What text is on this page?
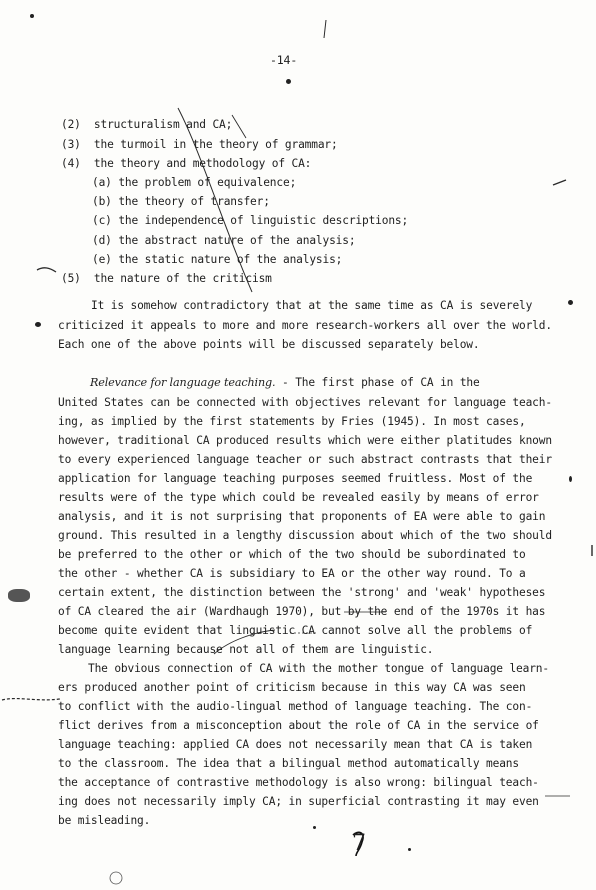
-14-
(2)  structuralism and CA;
(3)  the turmoil in the theory of grammar;
(4)  the theory and methodology of CA:
(a) the problem of equivalence;
(b) the theory of transfer;
(c) the independence of linguistic descriptions;
(d) the abstract nature of the analysis;
(e) the static nature of the analysis;
(5)  the nature of the criticism
It is somehow contradictory that at the same time as CA is severely
criticized it appeals to more and more research-workers all over the world.
Each one of the above points will be discussed separately below.
Relevance for language teaching. - The first phase of CA in the
United States can be connected with objectives relevant for language teach-
ing, as implied by the first statements by Fries (1945). In most cases,
however, traditional CA produced results which were either platitudes known
to every experienced language teacher or such abstract contrasts that their
application for language teaching purposes seemed fruitless. Most of the
results were of the type which could be revealed easily by means of error
analysis, and it is not surprising that proponents of EA were able to gain
ground. This resulted in a lengthy discussion about which of the two should
be preferred to the other or which of the two should be subordinated to
the other - whether CA is subsidiary to EA or the other way round. To a
certain extent, the distinction between the 'strong' and 'weak' hypotheses
of CA cleared the air (Wardhaugh 1970), but by the end of the 1970s it has
become quite evident that linguistic CA cannot solve all the problems of
language learning because not all of them are linguistic.
The obvious connection of CA with the mother tongue of language learn-
ers produced another point of criticism because in this way CA was seen
to conflict with the audio-lingual method of language teaching. The con-
flict derives from a misconception about the role of CA in the service of
language teaching: applied CA does not necessarily mean that CA is taken
to the classroom. The idea that a bilingual method automatically means
the acceptance of contrastive methodology is also wrong: bilingual teach-
ing does not necessarily imply CA; in superficial contrasting it may even
be misleading.
7
